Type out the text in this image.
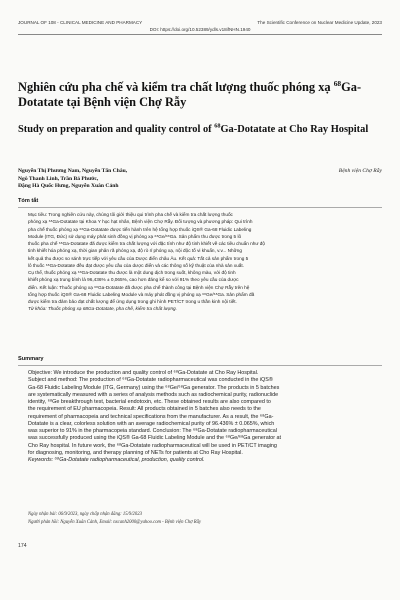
JOURNAL OF 108 - CLINICAL MEDICINE AND PHARMACY	The Scientific Conference on Nuclear Medicine Update, 2023
DOI: https://doi.org/10.52389/ydls.v18ifNHN.1940
Nghiên cứu pha chế và kiểm tra chất lượng thuốc phóng xạ $^{68}$Ga-Dotatate tại Bệnh viện Chợ Rẫy
Study on preparation and quality control of $^{68}$Ga-Dotatate at Cho Ray Hospital
Nguyễn Thị Phương Nam, Nguyễn Tấn Châu,
Ngô Thanh Linh, Trần Bá Phước,
Đặng Hà Quốc Hưng, Nguyễn Xuân Cảnh
Bệnh viện Chợ Rẫy
Tóm tắt
Mục tiêu: Trong nghiên cứu này, chúng tôi giới thiệu qui trình pha chế và kiểm tra chất lượng thuốc
phóng xạ ⁶⁸Ga-Dotatate tại Khoa Y học hạt nhân, Bệnh viện Chợ Rẫy. Đối tượng và phương pháp: Qui trình
pha chế thuốc phóng xạ ⁶⁸Ga-Dotatate được tiến hành trên hệ tổng hợp thuốc iQS® Ga-68 Fluidic Labeling
Module (ITG, Đức) sử dụng máy phát sinh đồng vị phóng xạ ⁶⁸Ge/⁶⁸Ga. Sản phẩm thu được trong 5 lô
thuốc pha chế ⁶⁸Ga-Dotatate đã được kiểm tra chất lượng với đặc tính như độ tinh khiết về các tiêu chuẩn như độ
tinh khiết hóa phóng xạ, thời gian phân rã phóng xạ, độ rò rỉ phóng xạ, nội độc tố vi khuẩn, v.v... Những
kết quả thu được so sánh trực tiếp với yêu cầu của Dược điển châu Âu. Kết quả: Tất cả sản phẩm trong 5
lô thuốc ⁶⁸Ga-Dotatate đều đạt được yêu cầu của dược điển và các thông số kỹ thuật của nhà sản xuất.
Cụ thể, thuốc phóng xạ ⁶⁸Ga-Dotatate thu được là một dung dịch trong suốt, không màu, với độ tinh
khiết phóng xạ trung bình là 96,436% ± 0,065%, cao hơn đáng kể so với 91% theo yêu cầu của dược
điển. Kết luận: Thuốc phóng xạ ⁶⁸Ga-Dotatate đã được pha chế thành công tại Bệnh viện Chợ Rẫy trên hệ
tổng hợp thuốc iQS® Ga-68 Fluidic Labeling Module và máy phát đồng vị phóng xạ ⁶⁸Ge/⁶⁸Ga. Sản phẩm đã
được kiểm tra đảm bảo đạt chất lượng để ứng dụng trong ghi hình PET/CT trong u thần kinh nội tiết.
Từ khóa: Thuốc phóng xạ 68Ga-Dotatate, pha chế, kiểm tra chất lượng.
Summary
Objective: We introduce the production and quality control of ⁶⁸Ga-Dotatate at Cho Ray Hospital.
Subject and method: The production of ⁶⁸Ga-Dotatate radiopharmaceutical was conducted in the iQS®
Ga-68 Fluidic Labeling Module (ITG, Germany) using the ⁶⁸Ge/⁶⁸Ga generator. The products in 5 batches
are systematically measured with a series of analysis methods such as radiochemical purity, radionuclide
identity, ⁶⁸Ge breakthrough test, bacterial endotoxin, etc. These obtained results are also compared to
the requirement of EU pharmacopeia. Result: All products obtained in 5 batches also needs to the
requirement of pharmacopeia and technical specifications from the manufacturer. As a result, the ⁶⁸Ga-
Dotatate is a clear, colorless solution with an average radiochemical purity of 96.436% ± 0.065%, which
was superior to 91% in the pharmacopeia standard. Conclusion: The ⁶⁸Ga-Dotatate radiopharmaceutical
was successfully produced using the iQS® Ga-68 Fluidic Labeling Module and the ⁶⁸Ge/⁶⁸Ga generator at
Cho Ray hospital. In future work, the ⁶⁸Ga-Dotatate radiopharmaceutical will be used in PET/CT imaging
for diagnosing, monitoring, and therapy planning of NETs for patients at Cho Ray Hospital.
Keywords: ⁶⁸Ga-Dotatate radiopharmaceutical, production, quality control.
Ngày nhận bài: 06/9/2023, ngày chấp nhận đăng: 15/9/2023
Người phản hồi: Nguyễn Xuân Cảnh, Email: nxcanh2000@yahoo.com - Bệnh viện Chợ Rẫy
174
